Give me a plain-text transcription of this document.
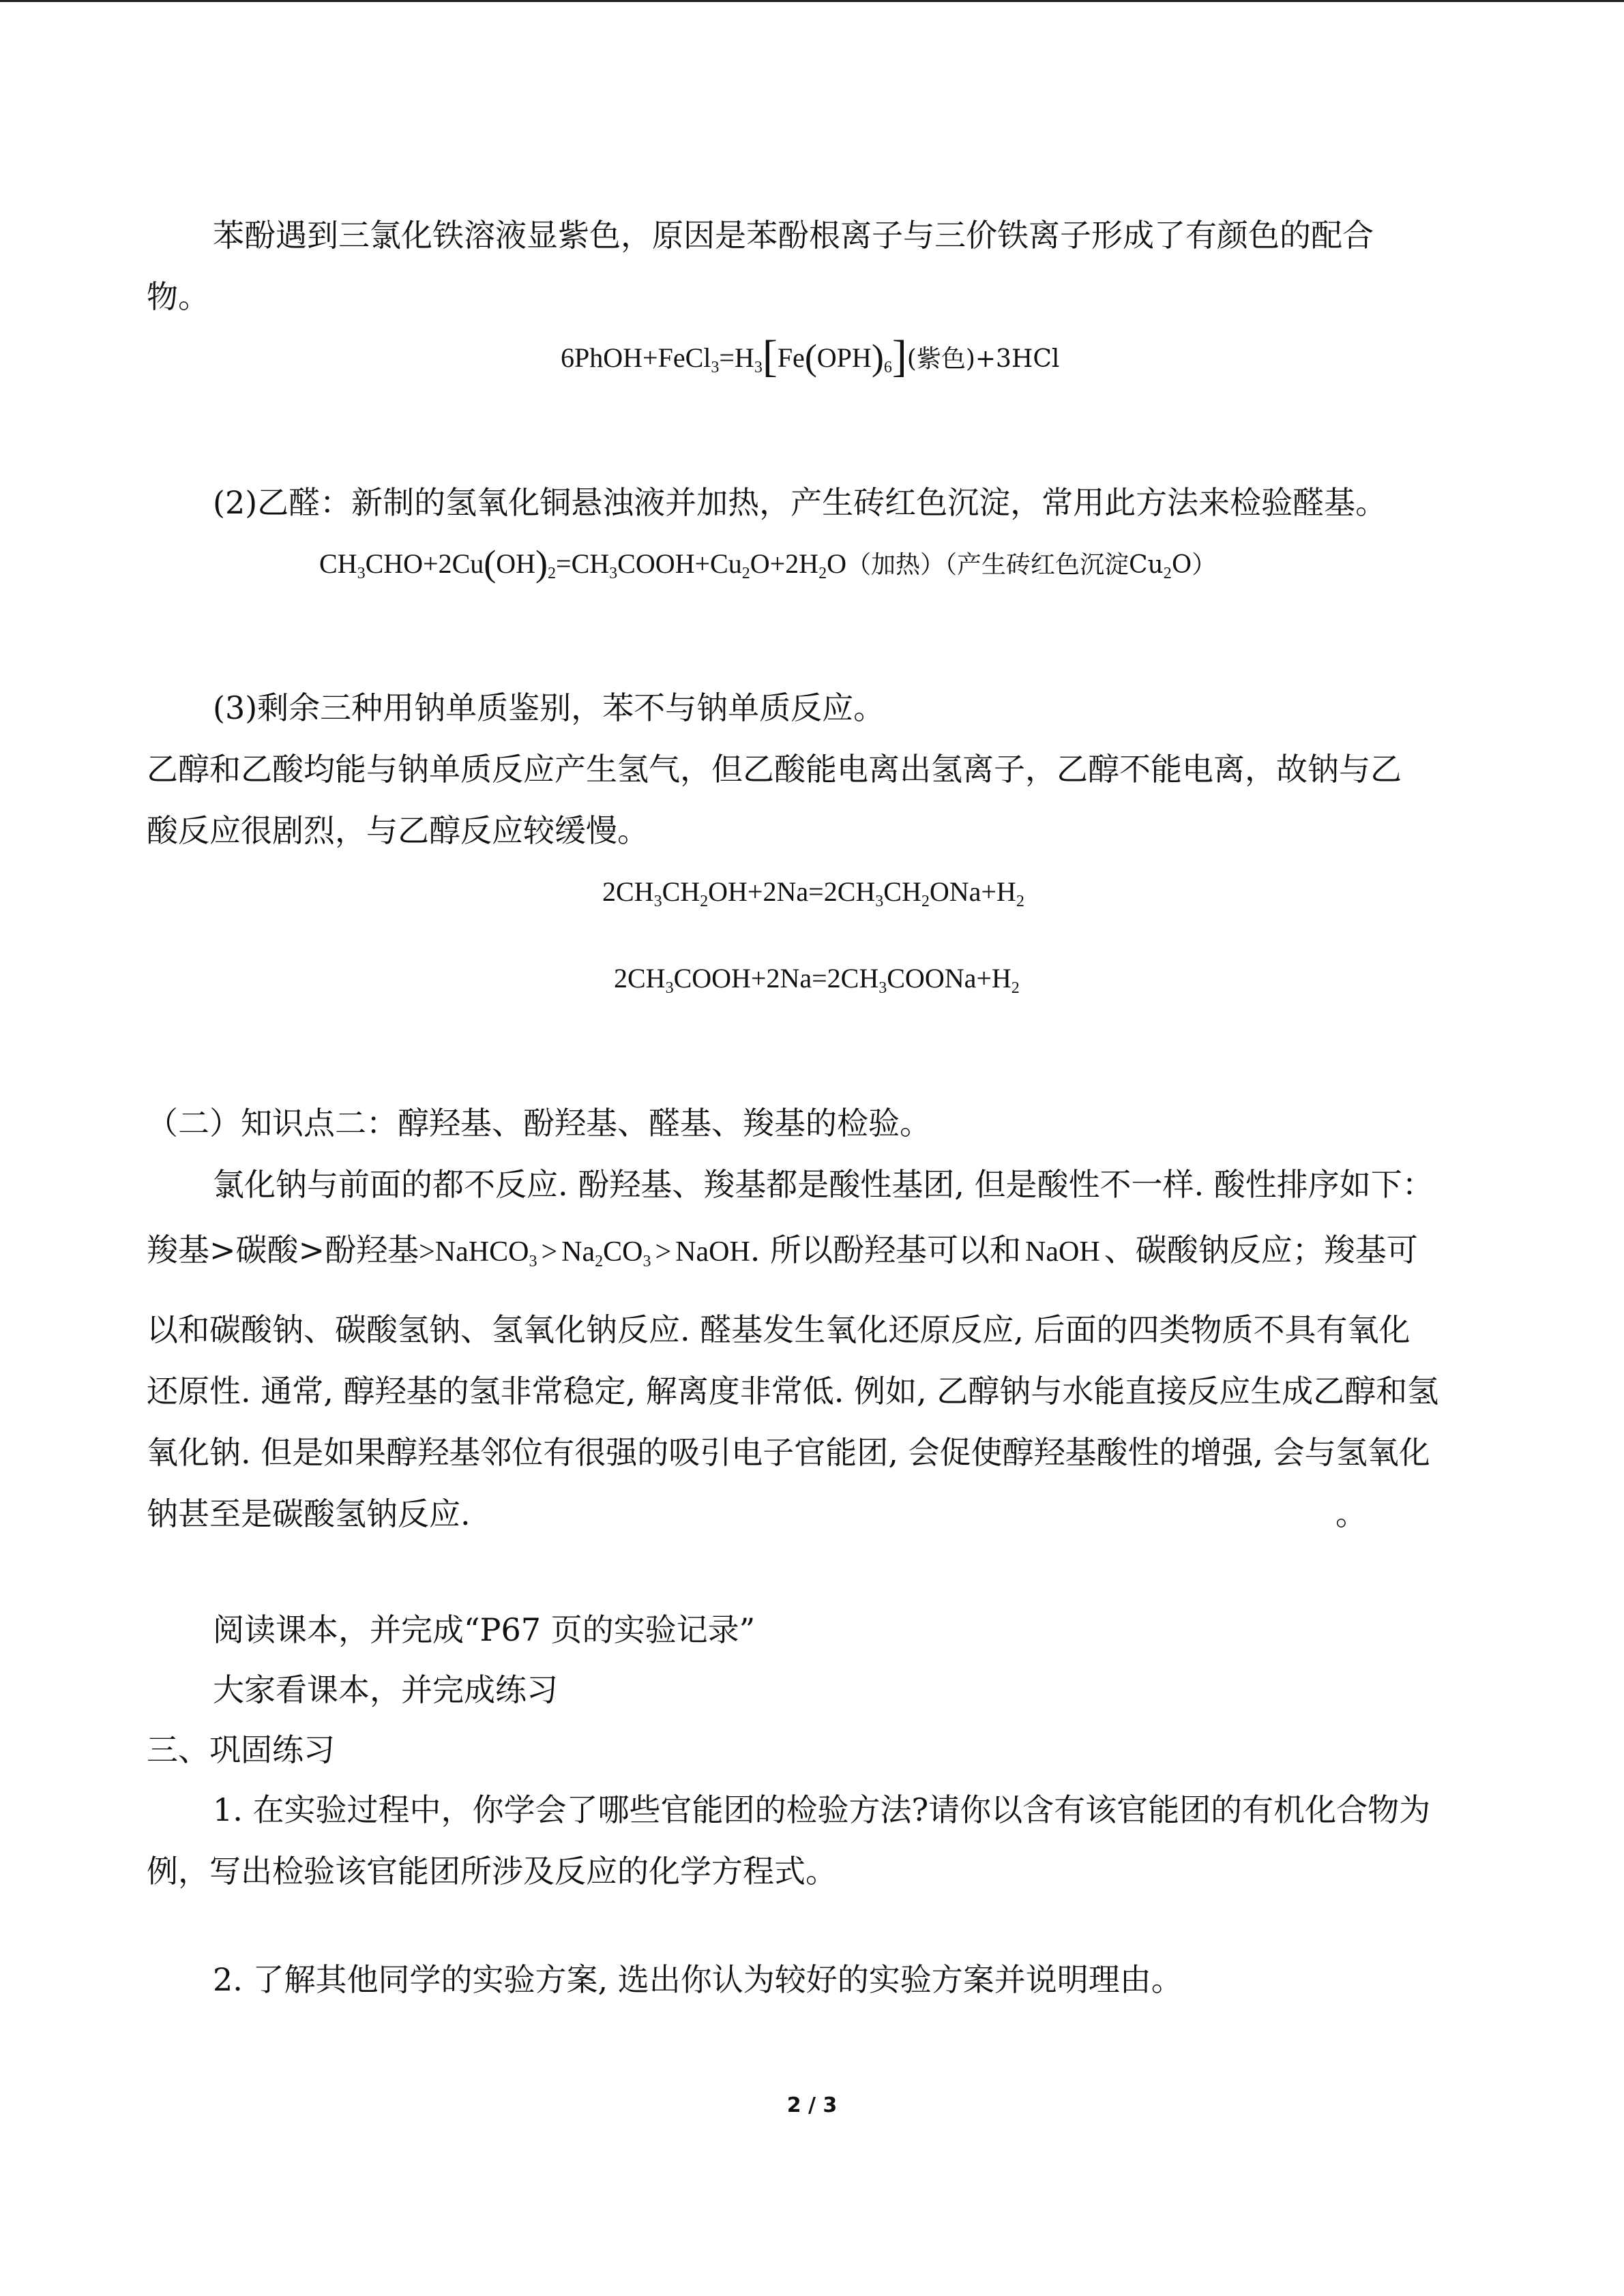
苯酚遇到三氯化铁溶液显紫色，原因是苯酚根离子与三价铁离子形成了有颜色的配合
物。
$6PhOH+FeCl_3=H_3[Fe(OPH)_6]$(紫色)+3HCl
(2)乙醛：新制的氢氧化铜悬浊液并加热，产生砖红色沉淀，常用此方法来检验醛基。
$CH_3CHO+2Cu(OH)_2=CH_3COOH+Cu_2O+2H_2O$（加热）（产生砖红色沉淀$Cu_2O$）
(3)剩余三种用钠单质鉴别，苯不与钠单质反应。
乙醇和乙酸均能与钠单质反应产生氢气，但乙酸能电离出氢离子，乙醇不能电离，故钠与乙
酸反应很剧烈，与乙醇反应较缓慢。
$2CH_3CH_2OH+2Na=2CH_3CH_2ONa+H_2$
$2CH_3COOH+2Na=2CH_3COONa+H_2$
（二）知识点二：醇羟基、酚羟基、醛基、羧基的检验。
氯化钠与前面的都不反应. 酚羟基、羧基都是酸性基团, 但是酸性不一样. 酸性排序如下：
羧基>碳酸>酚羟基>NaHCO$_3$ > $Na_2CO_3$ > NaOH. 所以酚羟基可以和 NaOH 、碳酸钠反应；羧基可
以和碳酸钠、碳酸氢钠、氢氧化钠反应. 醛基发生氧化还原反应, 后面的四类物质不具有氧化
还原性. 通常, 醇羟基的氢非常稳定, 解离度非常低. 例如, 乙醇钠与水能直接反应生成乙醇和氢
氧化钠. 但是如果醇羟基邻位有很强的吸引电子官能团, 会促使醇羟基酸性的增强, 会与氢氧化
钠甚至是碳酸氢钠反应.	。
阅读课本，并完成“P67 页的实验记录”
大家看课本，并完成练习
三、巩固练习
1. 在实验过程中，你学会了哪些官能团的检验方法?请你以含有该官能团的有机化合物为
例，写出检验该官能团所涉及反应的化学方程式。
2. 了解其他同学的实验方案, 选出你认为较好的实验方案并说明理由。
2 / 3
